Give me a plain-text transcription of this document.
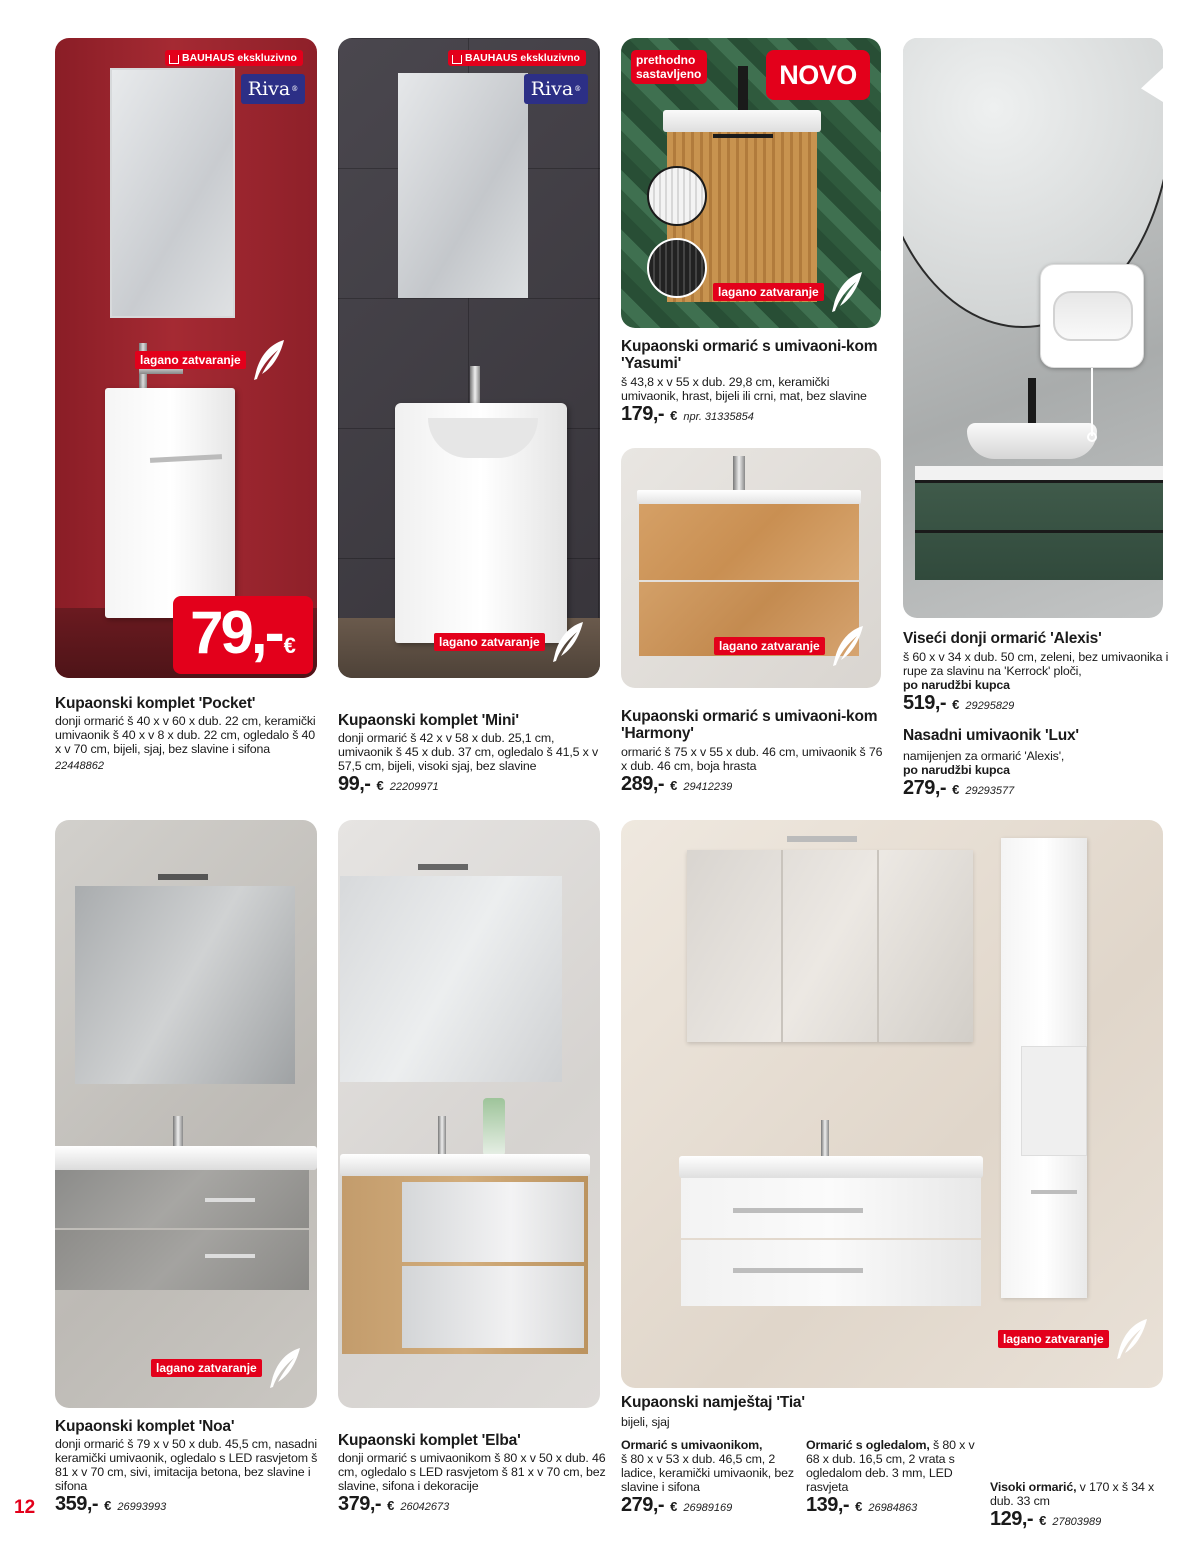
BAUHAUS ekskluzivno
Riva ®
lagano zatvaranje
79,- €
Kupaonski komplet 'Pocket'
donji ormarić š 40 x v 60 x dub. 22 cm, keramički umivaonik š 40 x v 8 x dub. 22 cm, ogledalo š 40 x v 70 cm, bijeli, sjaj, bez slavine i sifona
22448862
BAUHAUS ekskluzivno
Riva ®
lagano zatvaranje
Kupaonski komplet 'Mini'
donji ormarić š 42 x v 58 x dub. 25,1 cm, umivaonik š 45 x dub. 37 cm, ogledalo š 41,5 x v 57,5 cm, bijeli, visoki sjaj, bez slavine
99,- € 22209971
prethodno sastavljeno	NOVO
lagano zatvaranje
Kupaonski ormarić s umivaoni-kom 'Yasumi'
š 43,8 x v 55 x dub. 29,8 cm, keramički umivaonik, hrast, bijeli ili crni, mat, bez slavine
179,- € npr. 31335854
lagano zatvaranje
Kupaonski ormarić s umivaoni-kom 'Harmony'
ormarić š 75 x v 55 x dub. 46 cm, umivaonik š 76 x dub. 46 cm, boja hrasta
289,- € 29412239
Viseći donji ormarić 'Alexis'
š 60 x v 34 x dub. 50 cm, zeleni, bez umivaonika i rupe za slavinu na 'Kerrock' ploči,
po narudžbi kupca
519,- € 29295829
Nasadni umivaonik 'Lux'
namijenjen za ormarić 'Alexis',
po narudžbi kupca
279,- € 29293577
lagano zatvaranje
Kupaonski komplet 'Noa'
donji ormarić š 79 x v 50 x dub. 45,5 cm, nasadni keramički umivaonik, ogledalo s LED rasvjetom š 81 x v 70 cm, sivi, imitacija betona, bez slavine i sifona
359,- € 26993993
Kupaonski komplet 'Elba'
donji ormarić s umivaonikom š 80 x v 50 x dub. 46 cm, ogledalo s LED rasvjetom š 81 x v 70 cm, bez slavine, sifona i dekoracije
379,- € 26042673
lagano zatvaranje
Kupaonski namještaj 'Tia'
bijeli, sjaj
Ormarić s umivaonikom,
š 80 x v 53 x dub. 46,5 cm, 2 ladice, keramički umivaonik, bez slavine i sifona
279,- € 26989169
Ormarić s ogledalom, š 80 x v 68 x dub. 16,5 cm, 2 vrata s ogledalom deb. 3 mm, LED rasvjeta
139,- € 26984863
Visoki ormarić, v 170 x š 34 x dub. 33 cm
129,- € 27803989
12
